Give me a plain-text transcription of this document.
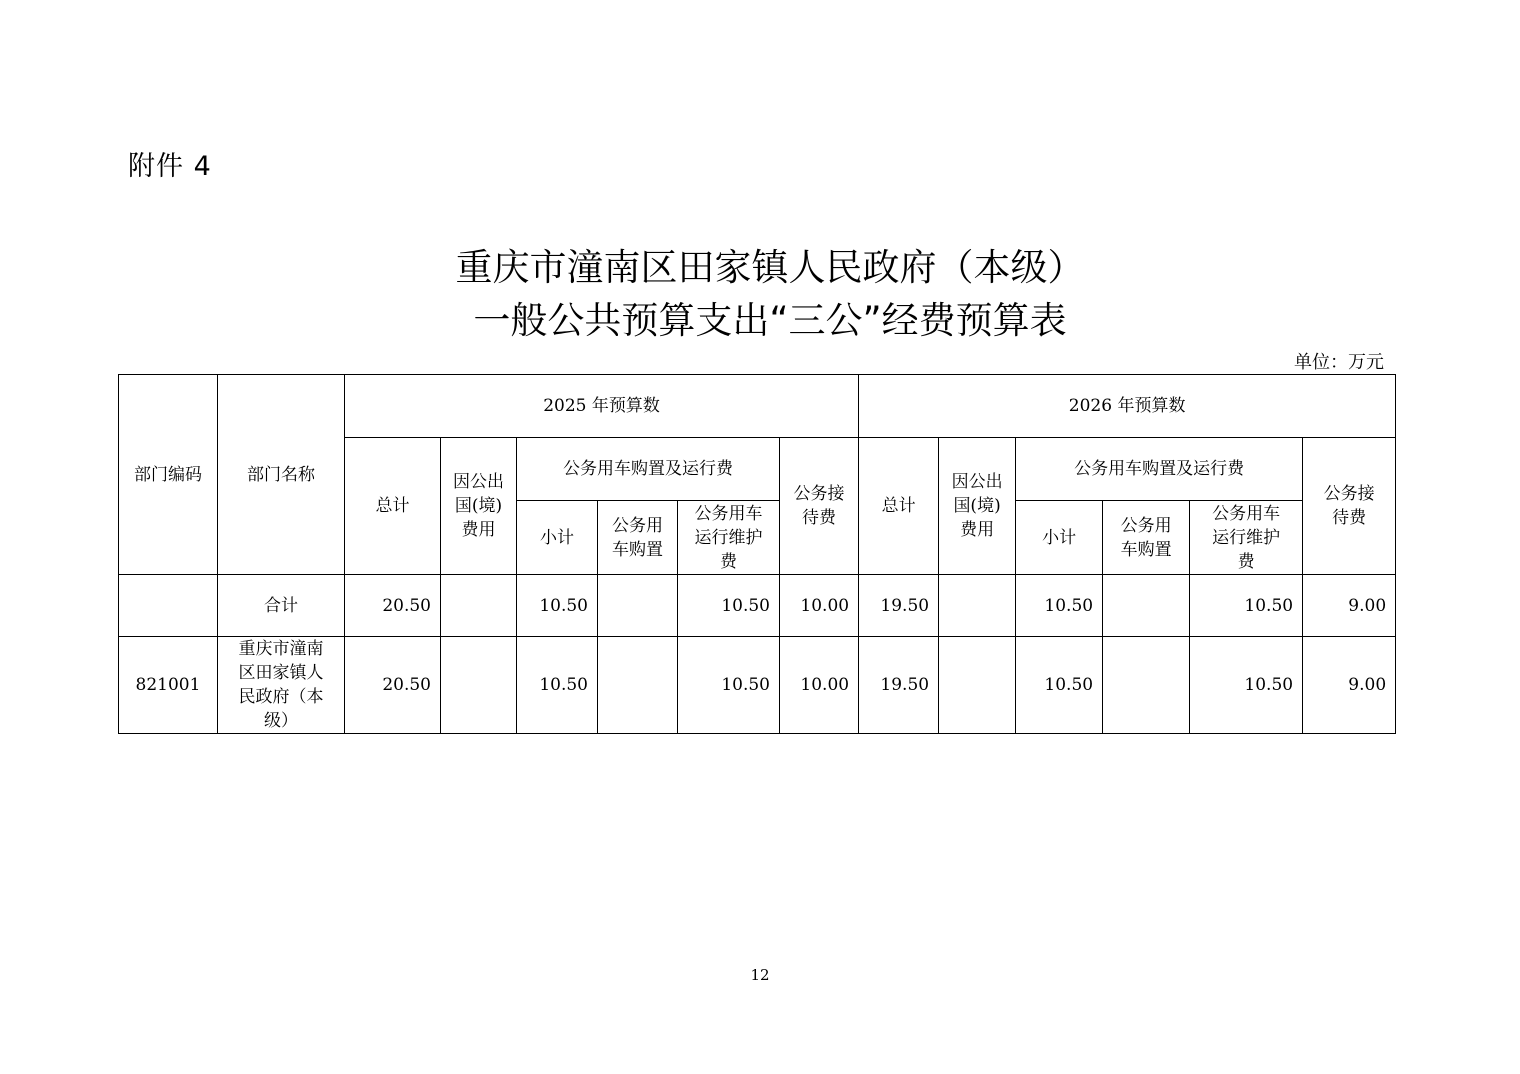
附件 4
重庆市潼南区田家镇人民政府（本级）
一般公共预算支出“三公”经费预算表
单位：万元
部门编码	部门名称	2025 年预算数						2026 年预算数					
		总计	因公出国(境)费用	公务用车购置及运行费			公务接待费	总计	因公出国(境)费用	公务用车购置及运行费			公务接待费
				小计	公务用车购置	公务用车运行维护费				小计	公务用车购置	公务用车运行维护费	
	合计	20.50		10.50		10.50	10.00	19.50		10.50		10.50	9.00
821001	重庆市潼南区田家镇人民政府（本级）	20.50		10.50		10.50	10.00	19.50		10.50		10.50	9.00
12
